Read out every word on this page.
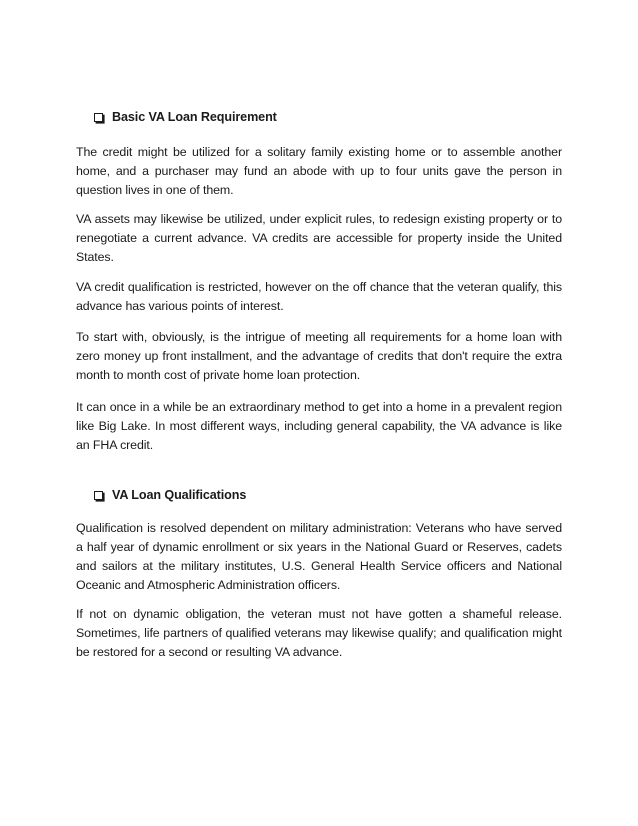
Basic VA Loan Requirement

The credit might be utilized for a solitary family existing home or to assemble another home, and a purchaser may fund an abode with up to four units gave the person in question lives in one of them.

VA assets may likewise be utilized, under explicit rules, to redesign existing property or to renegotiate a current advance. VA credits are accessible for property inside the United States.

VA credit qualification is restricted, however on the off chance that the veteran qualify, this advance has various points of interest.

To start with, obviously, is the intrigue of meeting all requirements for a home loan with zero money up front installment, and the advantage of credits that don't require the extra month to month cost of private home loan protection.

It can once in a while be an extraordinary method to get into a home in a prevalent region like Big Lake. In most different ways, including general capability, the VA advance is like an FHA credit.

VA Loan Qualifications

Qualification is resolved dependent on military administration: Veterans who have served a half year of dynamic enrollment or six years in the National Guard or Reserves, cadets and sailors at the military institutes, U.S. General Health Service officers and National Oceanic and Atmospheric Administration officers.

If not on dynamic obligation, the veteran must not have gotten a shameful release. Sometimes, life partners of qualified veterans may likewise qualify; and qualification might be restored for a second or resulting VA advance.
